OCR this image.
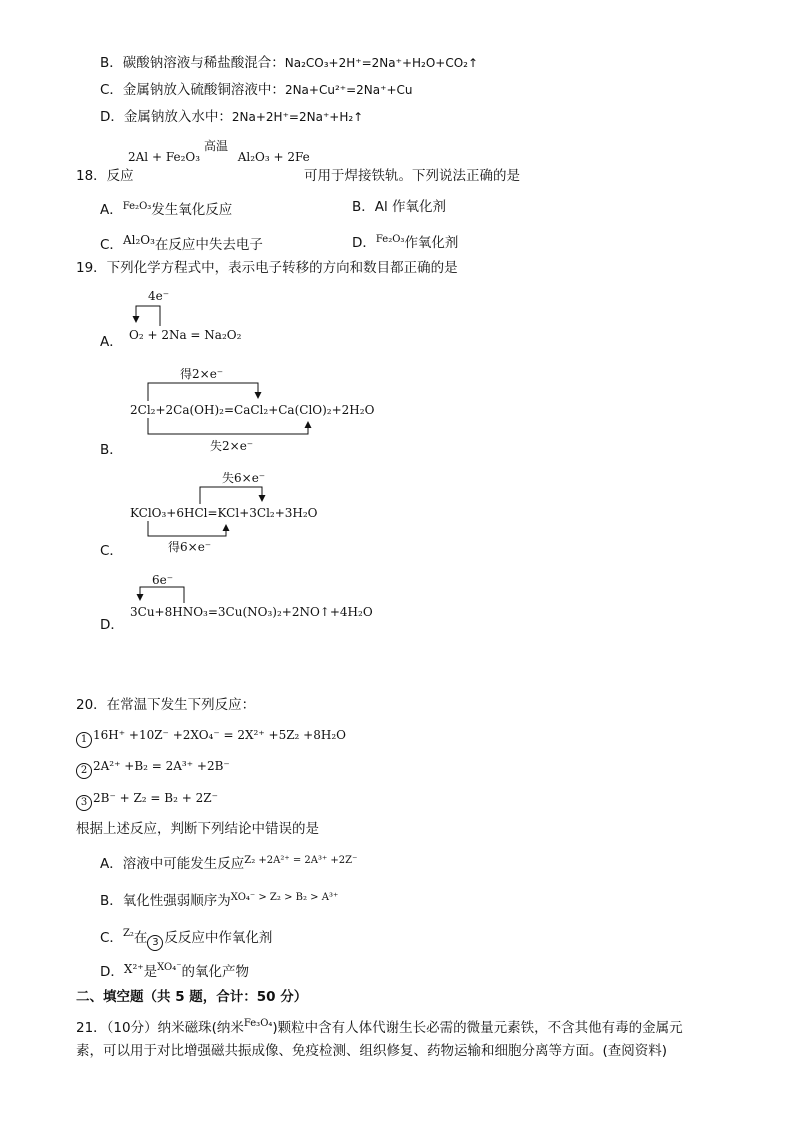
B．碳酸钠溶液与稀盐酸混合：Na₂CO₃+2H⁺=2Na⁺+H₂O+CO₂↑
C．金属钠放入硫酸铜溶液中：2Na+Cu²⁺=2Na⁺+Cu
D．金属钠放入水中：2Na+2H⁺=2Na⁺+H₂↑
高温
2Al + Fe₂O₃	Al₂O₃ + 2Fe
18．反应	可用于焊接铁轨。下列说法正确的是
A．$^{Fe_2O_3}$发生氧化反应	B．Al 作氧化剂
C．Al₂O₃在反应中失去电子	D．$^{Fe_2O_3}$作氧化剂
19．下列化学方程式中，表示电子转移的方向和数目都正确的是
4e⁻
A． O₂ + 2Na = Na₂O₂
得2×e⁻
2Cl₂+2Ca(OH)₂=CaCl₂+Ca(ClO)₂+2H₂O
失2×e⁻
B．
失6×e⁻
KClO₃+6HCl=KCl+3Cl₂+3H₂O
得6×e⁻
C．
6e⁻
3Cu+8HNO₃=3Cu(NO₃)₂+2NO↑+4H₂O
D．
20．在常温下发生下列反应：
1 16H⁺ +10Z⁻ +2XO₄⁻ = 2X²⁺ +5Z₂ +8H₂O
2 2A²⁺ +B₂ = 2A³⁺ +2B⁻
3 2B⁻ + Z₂ = B₂ + 2Z⁻
根据上述反应，判断下列结论中错误的是
A．溶液中可能发生反应$^{Z_2 +2A^{2+} = 2A^{3+} +2Z^-}$
B．氧化性强弱顺序为$^{XO_4^- > Z_2 > B_2 > A^{3+}}$
C．$^{Z_2}$在 3 反反应中作氧化剂
D．X²⁺是$^{XO_4^-}$的氧化产物
二、填空题（共 5 题，合计：50 分）
21．（10分）纳米磁珠(纳米$^{Fe_3O_4}$)颗粒中含有人体代谢生长必需的微量元素铁，不含其他有毒的金属元
素，可以用于对比增强磁共振成像、免疫检测、组织修复、药物运输和细胞分离等方面。(查阅资料)
